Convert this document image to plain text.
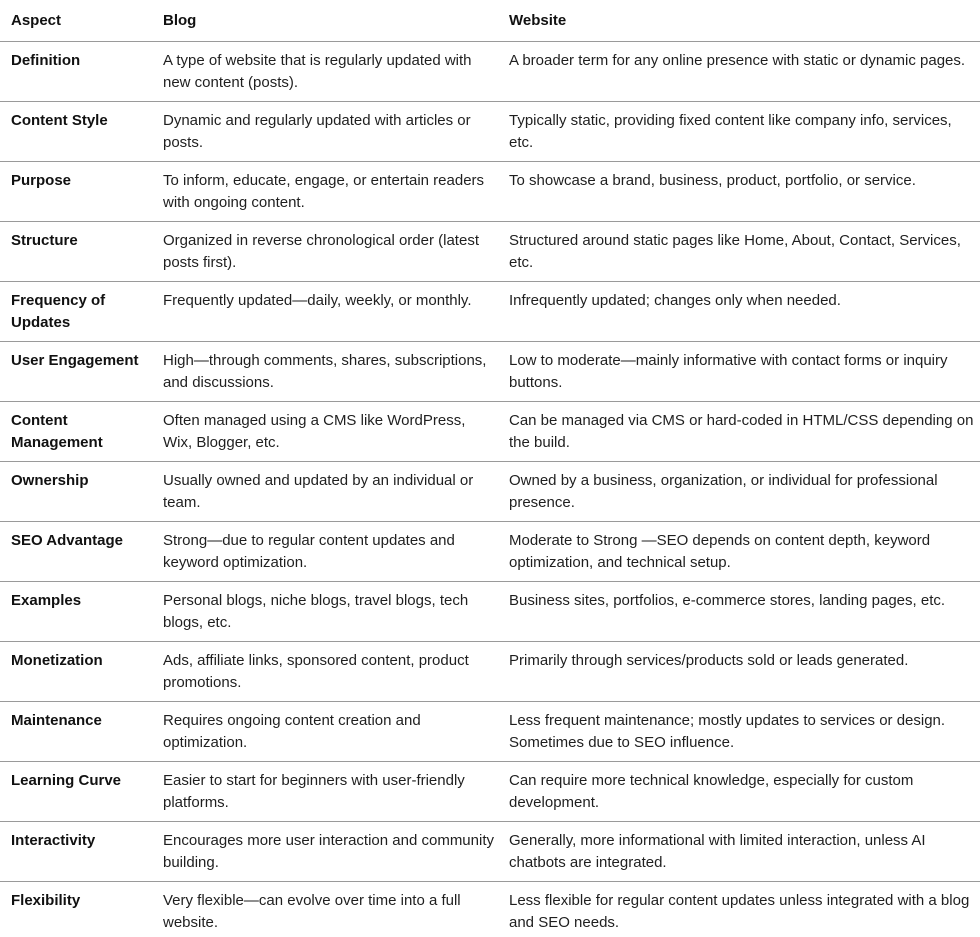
Aspect	Blog	Website
Definition	A type of website that is regularly updated with new content (posts).	A broader term for any online presence with static or dynamic pages.
Content Style	Dynamic and regularly updated with articles or posts.	Typically static, providing fixed content like company info, services, etc.
Purpose	To inform, educate, engage, or entertain readers with ongoing content.	To showcase a brand, business, product, portfolio, or service.
Structure	Organized in reverse chronological order (latest posts first).	Structured around static pages like Home, About, Contact, Services, etc.
Frequency of Updates	Frequently updated—daily, weekly, or monthly.	Infrequently updated; changes only when needed.
User Engagement	High—through comments, shares, subscriptions, and discussions.	Low to moderate—mainly informative with contact forms or inquiry buttons.
Content Management	Often managed using a CMS like WordPress, Wix, Blogger, etc.	Can be managed via CMS or hard-coded in HTML/CSS depending on the build.
Ownership	Usually owned and updated by an individual or team.	Owned by a business, organization, or individual for professional presence.
SEO Advantage	Strong—due to regular content updates and keyword optimization.	Moderate to Strong —SEO depends on content depth, keyword optimization, and technical setup.
Examples	Personal blogs, niche blogs, travel blogs, tech blogs, etc.	Business sites, portfolios, e-commerce stores, landing pages, etc.
Monetization	Ads, affiliate links, sponsored content, product promotions.	Primarily through services/products sold or leads generated.
Maintenance	Requires ongoing content creation and optimization.	Less frequent maintenance; mostly updates to services or design. Sometimes due to SEO influence.
Learning Curve	Easier to start for beginners with user-friendly platforms.	Can require more technical knowledge, especially for custom development.
Interactivity	Encourages more user interaction and community building.	Generally, more informational with limited interaction, unless AI chatbots are integrated.
Flexibility	Very flexible—can evolve over time into a full website.	Less flexible for regular content updates unless integrated with a blog and SEO needs.
